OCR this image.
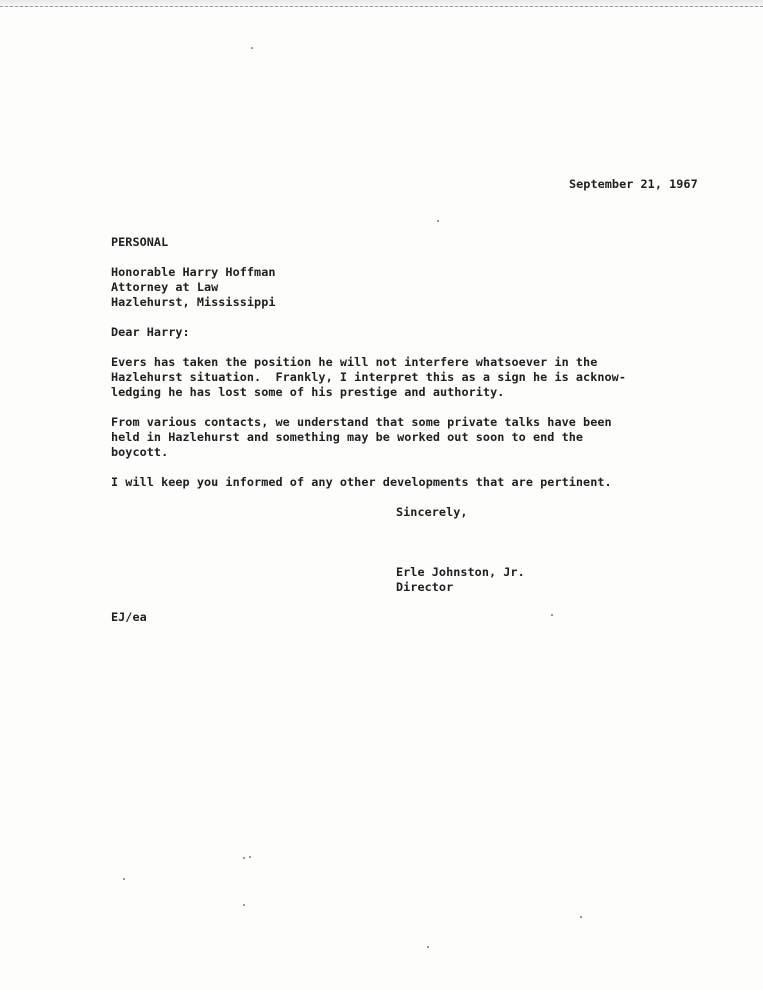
September 21, 1967
PERSONAL
Honorable Harry Hoffman
Attorney at Law
Hazlehurst, Mississippi
Dear Harry:
Evers has taken the position he will not interfere whatsoever in the
Hazlehurst situation.  Frankly, I interpret this as a sign he is acknow-
ledging he has lost some of his prestige and authority.
From various contacts, we understand that some private talks have been
held in Hazlehurst and something may be worked out soon to end the
boycott.
I will keep you informed of any other developments that are pertinent.
Sincerely,
Erle Johnston, Jr.
Director
EJ/ea
